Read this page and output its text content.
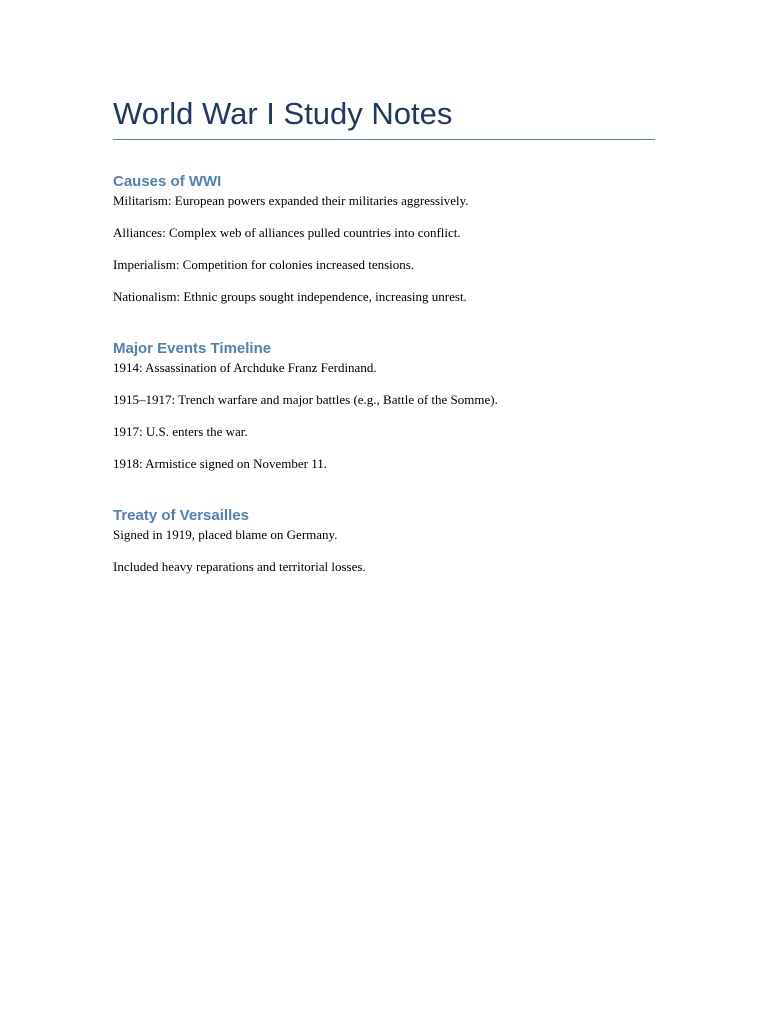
World War I Study Notes
Causes of WWI

Militarism: European powers expanded their militaries aggressively.

Alliances: Complex web of alliances pulled countries into conflict.

Imperialism: Competition for colonies increased tensions.

Nationalism: Ethnic groups sought independence, increasing unrest.

Major Events Timeline

1914: Assassination of Archduke Franz Ferdinand.

1915–1917: Trench warfare and major battles (e.g., Battle of the Somme).

1917: U.S. enters the war.

1918: Armistice signed on November 11.

Treaty of Versailles

Signed in 1919, placed blame on Germany.

Included heavy reparations and territorial losses.
